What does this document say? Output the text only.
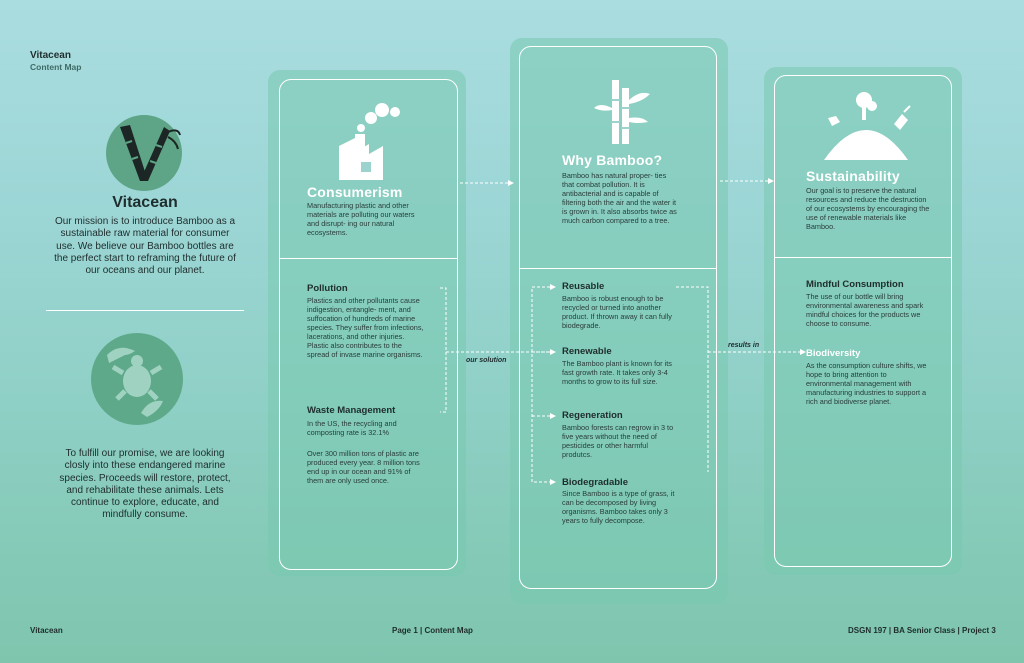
Vitacean
Content Map
Vitacean
Our mission is to introduce Bamboo as a sustainable raw material for consumer use. We believe our Bamboo bottles are the perfect start to reframing the future of our oceans and our planet.
To fulfill our promise, we are looking closly into these endangered marine species. Proceeds will restore, protect, and rehabilitate these animals. Lets continue to explore, educate, and mindfully consume.
Consumerism
Manufacturing plastic and other materials are polluting our waters and disrupt- ing our natural ecosystems.
Pollution
Plastics and other pollutants cause indigestion, entangle- ment, and suffocation of hundreds of marine species. They suffer from infections, lacerations, and other injuries. Plastic also contributes to the spread of invase marine organisms.
Waste Management
In the US, the recycling and composting rate is 32.1%
Over 300 million tons of plastic are produced every year. 8 million tons end up in our ocean and 91% of them are only used once.
Why Bamboo?
Bamboo has natural proper- ties that combat pollution. It is antibacterial and is capable of filtering both the air and the water it is grown in. It also absorbs twice as much carbon compared to a tree.
Reusable
Bamboo is robust enough to be recycled or turned into another product. If thrown away it can fully biodegrade.
Renewable
The Bamboo plant is known for its fast growth rate. It takes only 3-4 months to grow to its full size.
Regeneration
Bamboo forests can regrow in 3 to five years without the need of pesticides or other harmful produtcs.
Biodegradable
Since Bamboo is a type of grass, it can be decomposed by living organisms. Bamboo takes only 3 years to fully decompose.
Sustainability
Our goal is to preserve the natural resources and reduce the destruction of our ecosystems by encouraging the use of renewable materials like Bamboo.
Mindful Consumption
The use of our bottle will bring environmental awareness and spark mindful choices for the products we choose to consume.
Biodiversity
As the consumption culture shifts, we hope to bring attention to environmental management with manufacturing industries to support a rich and biodiverse planet.
our solution
results in
Vitacean	Page 1 | Content Map	DSGN 197 | BA Senior Class | Project 3
